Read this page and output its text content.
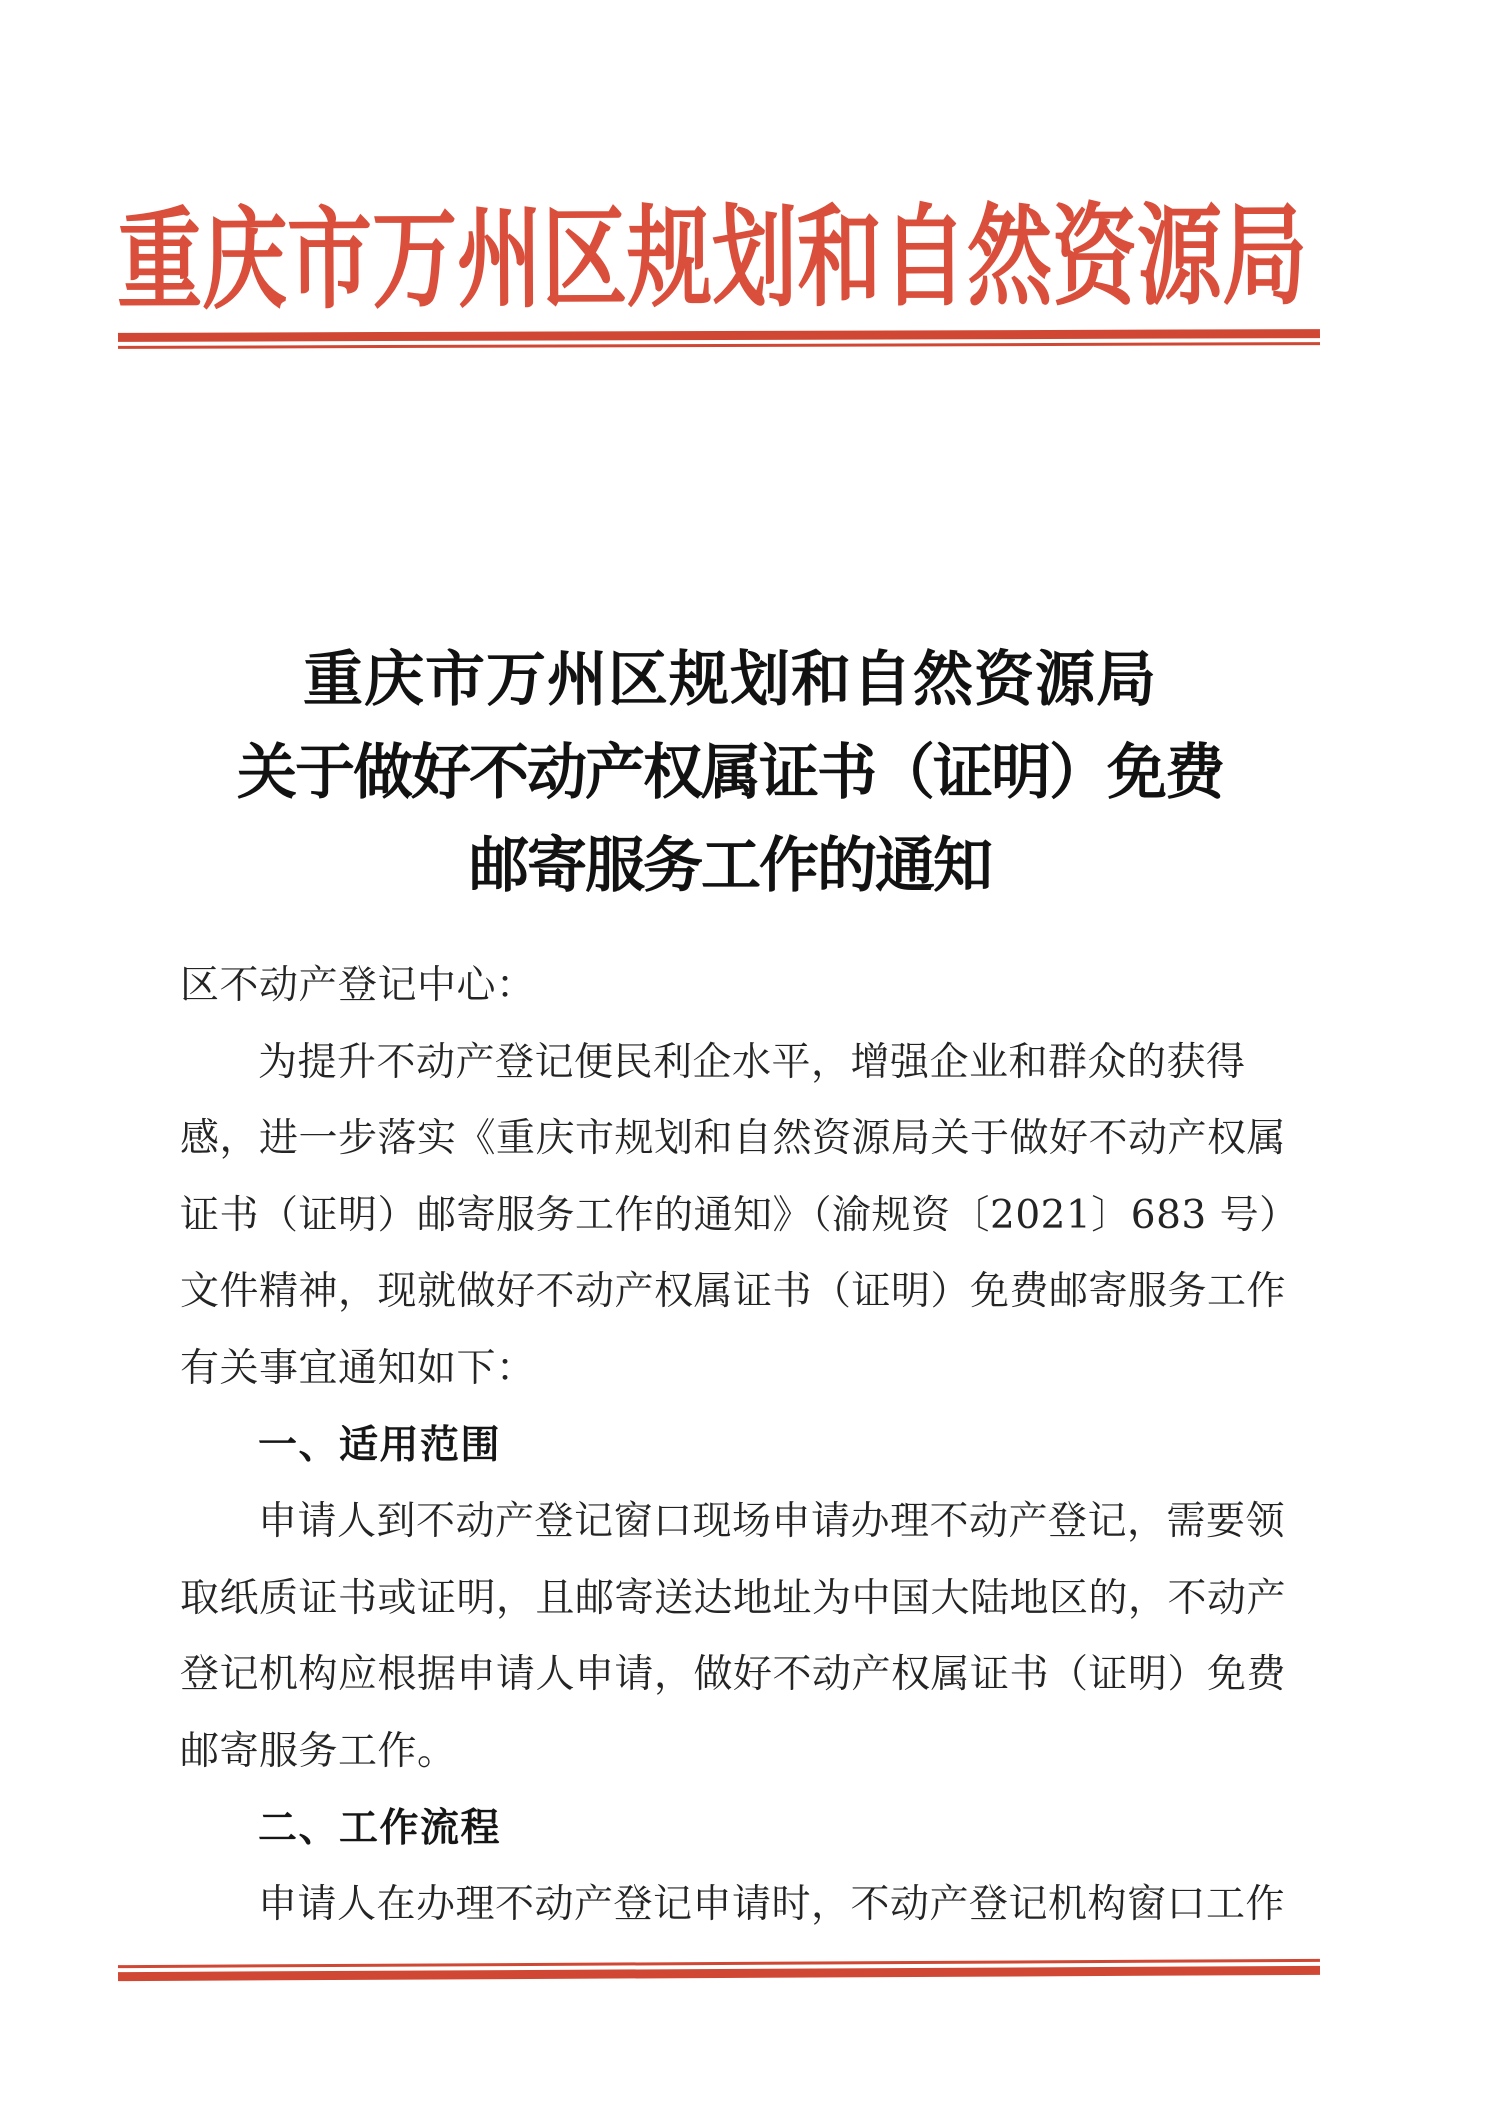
重庆市万州区规划和自然资源局
重庆市万州区规划和自然资源局
关于做好不动产权属证书（证明）免费
邮寄服务工作的通知
区不动产登记中心：
为提升不动产登记便民利企水平，增强企业和群众的获得
感，进一步落实《重庆市规划和自然资源局关于做好不动产权属
证书（证明）邮寄服务工作的通知》（渝规资〔2021〕683 号）
文件精神，现就做好不动产权属证书（证明）免费邮寄服务工作
有关事宜通知如下：
一、适用范围
申请人到不动产登记窗口现场申请办理不动产登记，需要领
取纸质证书或证明，且邮寄送达地址为中国大陆地区的，不动产
登记机构应根据申请人申请，做好不动产权属证书（证明）免费
邮寄服务工作。
二、工作流程
申请人在办理不动产登记申请时，不动产登记机构窗口工作
